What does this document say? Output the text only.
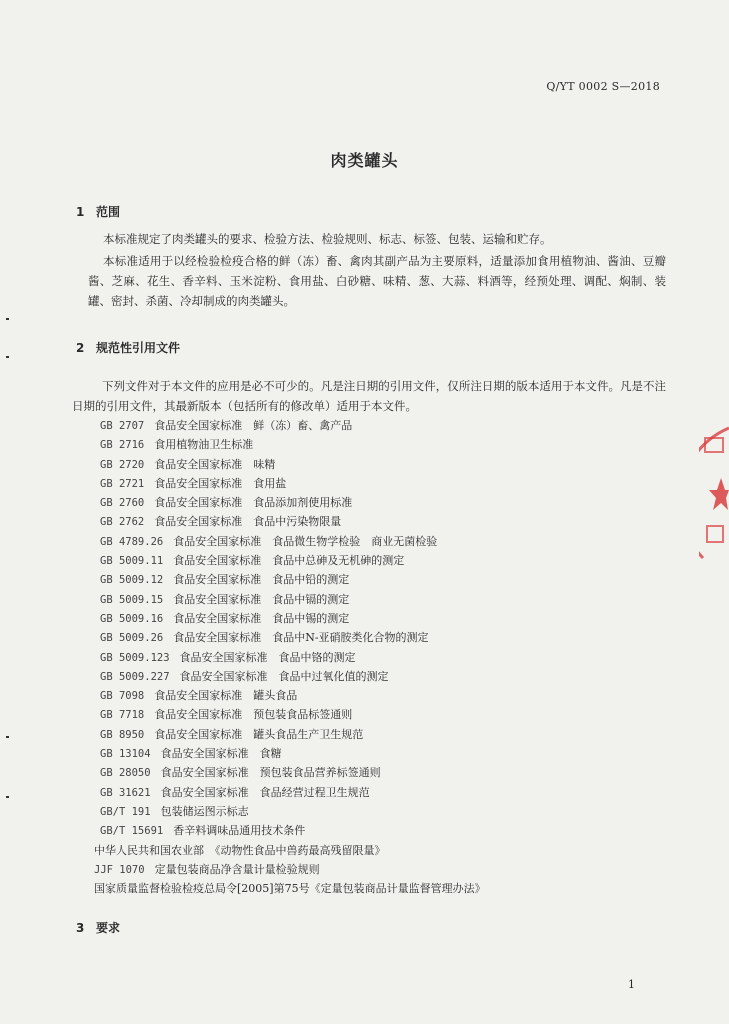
Q/YT 0002 S—2018
肉类罐头
1 范围

本标准规定了肉类罐头的要求、检验方法、检验规则、标志、标签、包装、运输和贮存。

本标准适用于以经检验检疫合格的鲜（冻）畜、禽肉其副产品为主要原料，适量添加食用植物油、酱油、豆瓣酱、芝麻、花生、香辛料、玉米淀粉、食用盐、白砂糖、味精、葱、大蒜、料酒等，经预处理、调配、焖制、装罐、密封、杀菌、冷却制成的肉类罐头。

2 规范性引用文件

下列文件对于本文件的应用是必不可少的。凡是注日期的引用文件，仅所注日期的版本适用于本文件。凡是不注日期的引用文件，其最新版本（包括所有的修改单）适用于本文件。

GB 2707 食品安全国家标准　鲜（冻）畜、禽产品
GB 2716 食用植物油卫生标准
GB 2720 食品安全国家标准　味精
GB 2721 食品安全国家标准　食用盐
GB 2760 食品安全国家标准　食品添加剂使用标准
GB 2762 食品安全国家标准　食品中污染物限量
GB 4789.26 食品安全国家标准　食品微生物学检验　商业无菌检验
GB 5009.11 食品安全国家标准　食品中总砷及无机砷的测定
GB 5009.12 食品安全国家标准　食品中铅的测定
GB 5009.15 食品安全国家标准　食品中镉的测定
GB 5009.16 食品安全国家标准　食品中锡的测定
GB 5009.26 食品安全国家标准　食品中N-亚硝胺类化合物的测定
GB 5009.123 食品安全国家标准　食品中铬的测定
GB 5009.227 食品安全国家标准　食品中过氧化值的测定
GB 7098 食品安全国家标准　罐头食品
GB 7718 食品安全国家标准　预包装食品标签通则
GB 8950 食品安全国家标准　罐头食品生产卫生规范
GB 13104 食品安全国家标准　食糖
GB 28050 食品安全国家标准　预包装食品营养标签通则
GB 31621 食品安全国家标准　食品经营过程卫生规范
GB/T 191 包装储运图示标志
GB/T 15691 香辛料调味品通用技术条件
中华人民共和国农业部　《动物性食品中兽药最高残留限量》
JJF 1070 定量包装商品净含量计量检验规则
国家质量监督检验检疫总局令[2005]第75号《定量包装商品计量监督管理办法》
3 要求
1
